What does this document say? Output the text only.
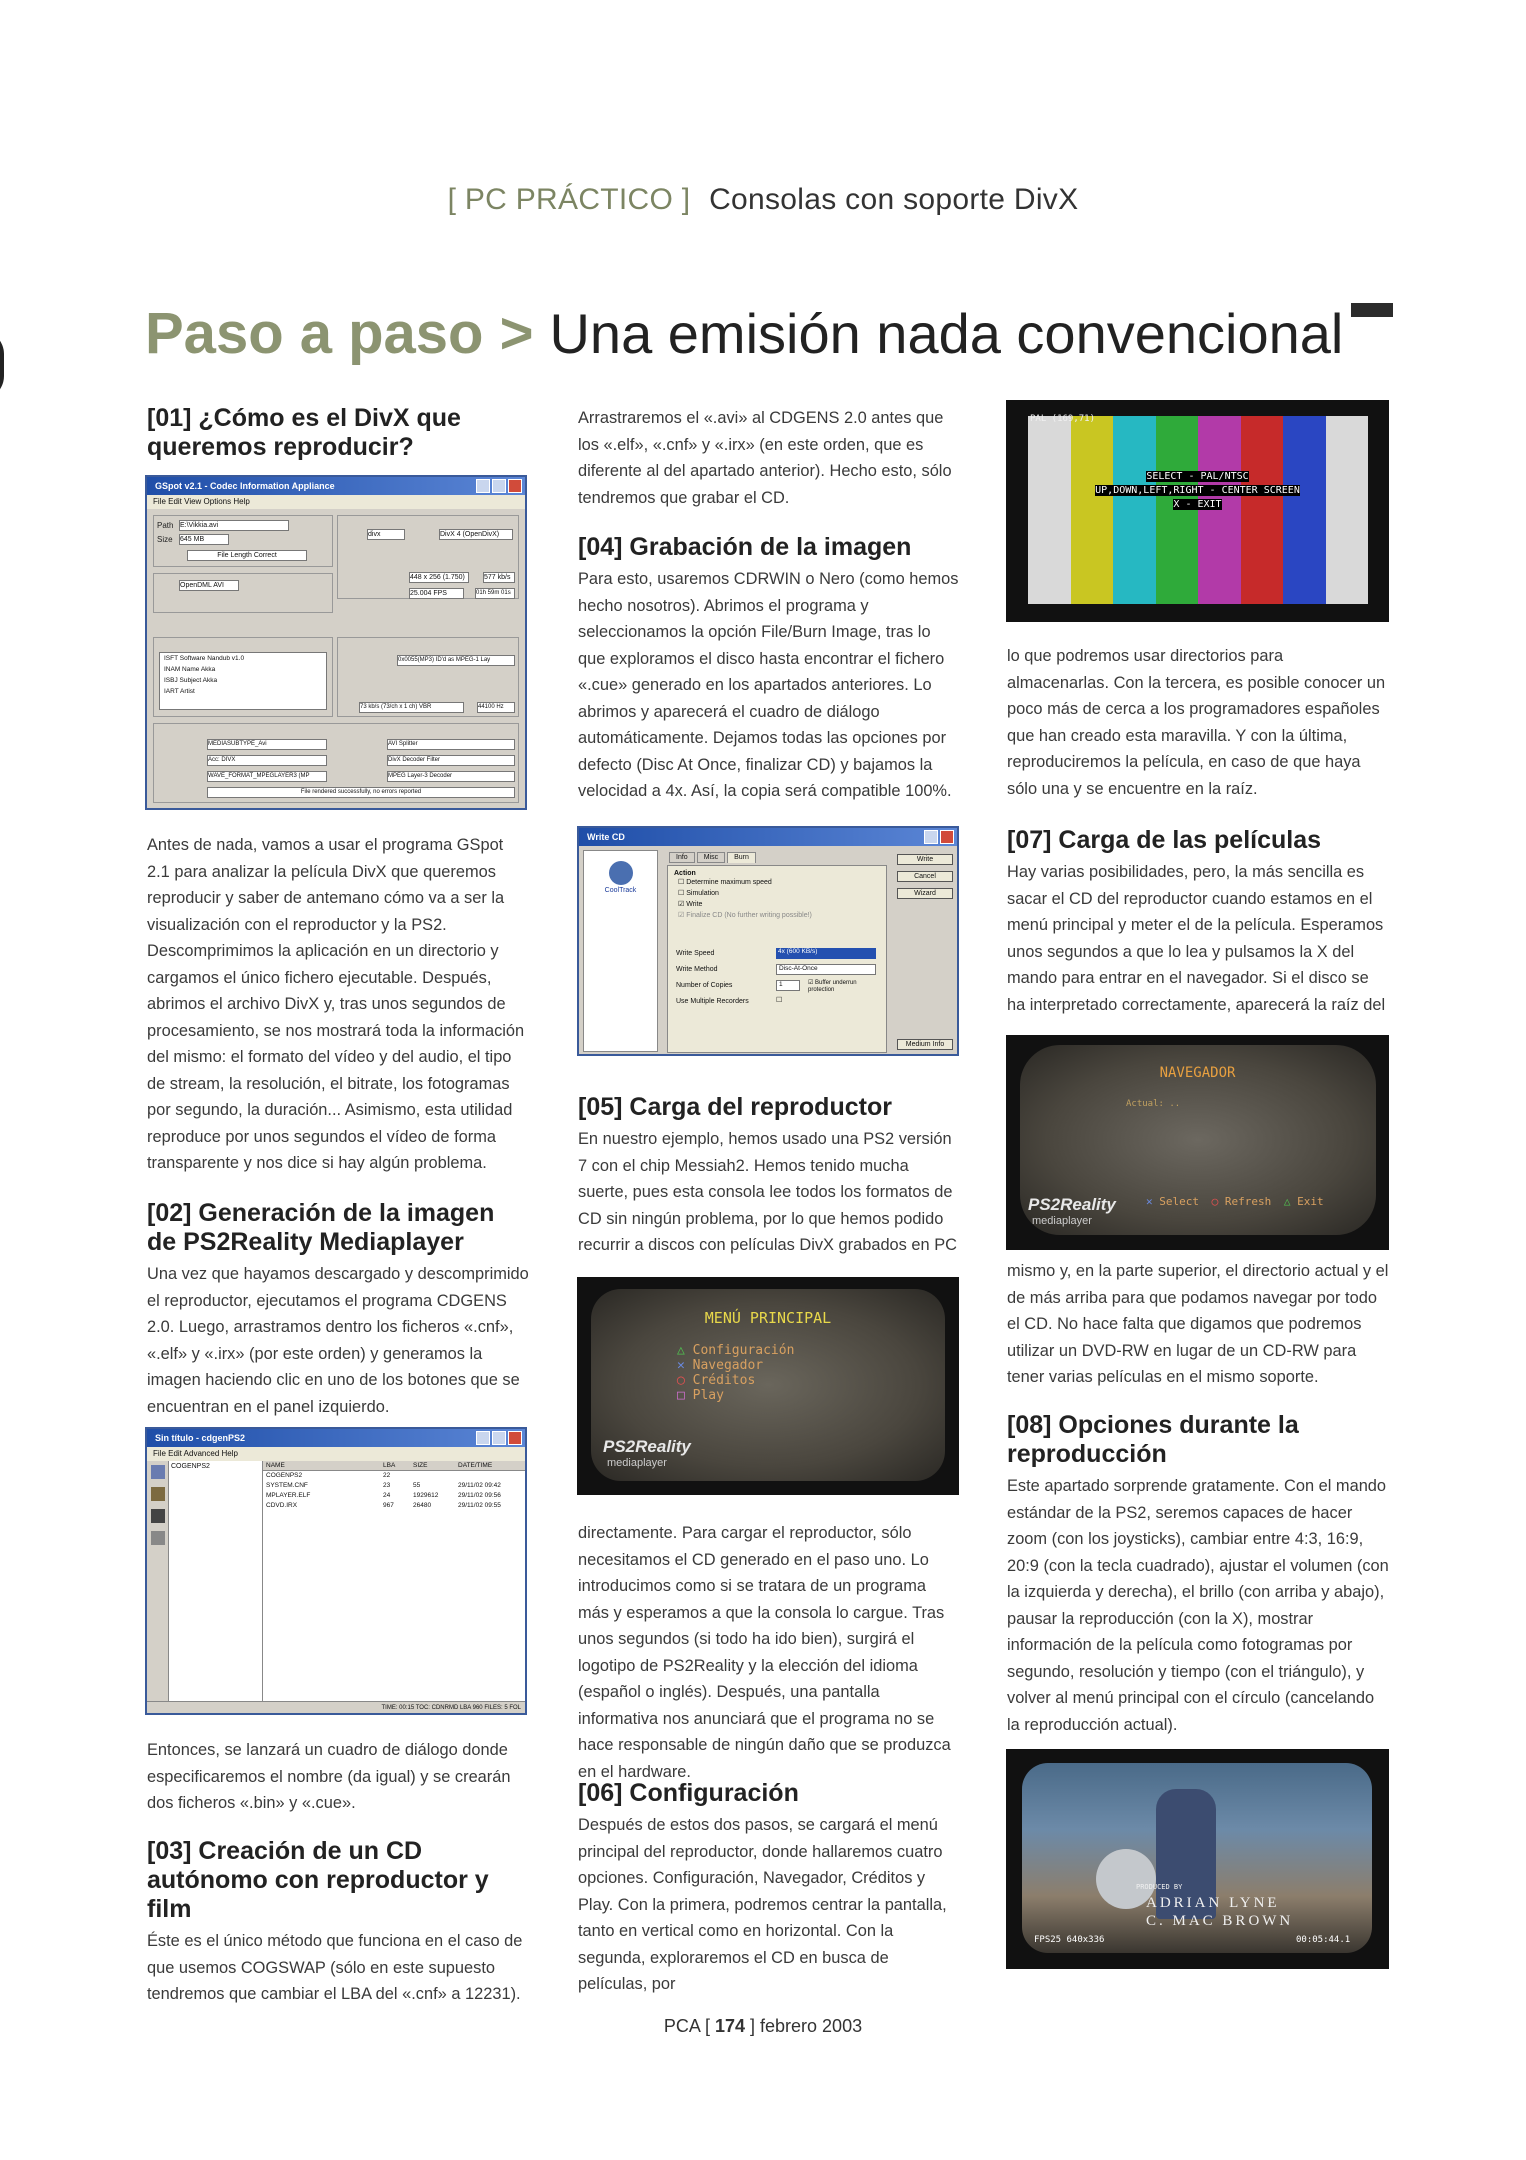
[ PC PRÁCTICO ] Consolas con soporte DivX
Paso a paso > Una emisión nada convencional
[01] ¿Cómo es el DivX que queremos reproducir?
GSpot v2.1 - Codec Information Appliance
File Edit View Options Help
Path E:\Vikkia.avi
Size 645 MB
File Length Correct
OpenDML AVI
divx	DivX 4 (OpenDivX)
448 x 256 (1.750)	577 kb/s
25.004 FPS	01h 59m 01s
ISFT Software Nandub v1.0
INAM Name Akka
ISBJ Subject Akka
IART Artist
0x0055(MP3) ID'd as MPEG-1 Lay
73 kb/s (73/ch x 1 ch) VBR	44100 Hz
MEDIASUBTYPE_Avi	AVI Splitter
Acc: DIVX	DivX Decoder Filter
WAVE_FORMAT_MPEGLAYER3 (MP	MPEG Layer-3 Decoder
File rendered successfully, no errors reported

Antes de nada, vamos a usar el programa GSpot 2.1 para analizar la película DivX que queremos reproducir y saber de antemano cómo va a ser la visualización con el reproductor y la PS2. Descomprimimos la aplicación en un directorio y cargamos el único fichero ejecutable. Después, abrimos el archivo DivX y, tras unos segundos de procesamiento, se nos mostrará toda la información del mismo: el formato del vídeo y del audio, el tipo de stream, la resolución, el bitrate, los fotogramas por segundo, la duración... Asimismo, esta utilidad reproduce por unos segundos el vídeo de forma transparente y nos dice si hay algún problema.

[02] Generación de la imagen de PS2Reality Mediaplayer

Una vez que hayamos descargado y descomprimido el reproductor, ejecutamos el programa CDGENS 2.0. Luego, arrastramos dentro los ficheros «.cnf», «.elf» y «.irx» (por este orden) y generamos la imagen haciendo clic en uno de los botones que se encuentran en el panel izquierdo.

Sin título - cdgenPS2
File Edit Advanced Help
COGENPS2	NAME	LBA	SIZE	DATE/TIME
COGENPS2	22
SYSTEM.CNF	23	55	29/11/02 09:42
MPLAYER.ELF	24	1929612	29/11/02 09:56
CDVD.IRX	967	26480	29/11/02 09:55
TIME: 00:15 TOC: CDNRMD LBA 960 FILES: 5 FOL

Entonces, se lanzará un cuadro de diálogo donde especificaremos el nombre (da igual) y se crearán dos ficheros «.bin» y «.cue».

[03] Creación de un CD autónomo con reproductor y film

Éste es el único método que funciona en el caso de que usemos COGSWAP (sólo en este supuesto tendremos que cambiar el LBA del «.cnf» a 12231).

Arrastraremos el «.avi» al CDGENS 2.0 antes que los «.elf», «.cnf» y «.irx» (en este orden, que es diferente al del apartado anterior). Hecho esto, sólo tendremos que grabar el CD.

[04] Grabación de la imagen

Para esto, usaremos CDRWIN o Nero (como hemos hecho nosotros). Abrimos el programa y seleccionamos la opción File/Burn Image, tras lo que exploramos el disco hasta encontrar el fichero «.cue» generado en los apartados anteriores. Lo abrimos y aparecerá el cuadro de diálogo automáticamente. Dejamos todas las opciones por defecto (Disc At Once, finalizar CD) y bajamos la velocidad a 4x. Así, la copia será compatible 100%.

Write CD
CoolTrack
Info	Misc	Burn
Action
☐ Determine maximum speed
☐ Simulation
☑ Write
☑ Finalize CD (No further writing possible!)
Write Speed	4x (600 KB/s)
Write Method	Disc-At-Once
Number of Copies	1	☑ Buffer underrun protection
Use Multiple Recorders	☐
Write
Cancel
Wizard
Medium Info
[05] Carga del reproductor

En nuestro ejemplo, hemos usado una PS2 versión 7 con el chip Messiah2. Hemos tenido mucha suerte, pues esta consola lee todos los formatos de CD sin ningún problema, por lo que hemos podido recurrir a discos con películas DivX grabados en PC

MENÚ PRINCIPAL
△ Configuración
✕ Navegador
◯ Créditos
□ Play
PS2Reality
mediaplayer

directamente. Para cargar el reproductor, sólo necesitamos el CD generado en el paso uno. Lo introducimos como si se tratara de un programa más y esperamos a que la consola lo cargue. Tras unos segundos (si todo ha ido bien), surgirá el logotipo de PS2Reality y la elección del idioma (español o inglés). Después, una pantalla informativa nos anunciará que el programa no se hace responsable de ningún daño que se produzca en el hardware.

[06] Configuración

Después de estos dos pasos, se cargará el menú principal del reproductor, donde hallaremos cuatro opciones. Configuración, Navegador, Créditos y Play. Con la primera, podremos centrar la pantalla, tanto en vertical como en horizontal. Con la segunda, exploraremos el CD en busca de películas, por

PAL (169,71)
SELECT - PAL/NTSC
UP,DOWN,LEFT,RIGHT - CENTER SCREEN
X - EXIT

lo que podremos usar directorios para almacenarlas. Con la tercera, es posible conocer un poco más de cerca a los programadores españoles que han creado esta maravilla. Y con la última, reproduciremos la película, en caso de que haya sólo una y se encuentre en la raíz.

[07] Carga de las películas

Hay varias posibilidades, pero, la más sencilla es sacar el CD del reproductor cuando estamos en el menú principal y meter el de la película. Esperamos unos segundos a que lo lea y pulsamos la X del mando para entrar en el navegador. Si el disco se ha interpretado correctamente, aparecerá la raíz del

NAVEGADOR
Actual: ..
PS2Reality
mediaplayer
✕ Select ◯ Refresh △ Exit

mismo y, en la parte superior, el directorio actual y el de más arriba para que podamos navegar por todo el CD. No hace falta que digamos que podremos utilizar un DVD-RW en lugar de un CD-RW para tener varias películas en el mismo soporte.

[08] Opciones durante la reproducción

Este apartado sorprende gratamente. Con el mando estándar de la PS2, seremos capaces de hacer zoom (con los joysticks), cambiar entre 4:3, 16:9, 20:9 (con la tecla cuadrado), ajustar el volumen (con la izquierda y derecha), el brillo (con arriba y abajo), pausar la reproducción (con la X), mostrar información de la película como fotogramas por segundo, resolución y tiempo (con el triángulo), y volver al menú principal con el círculo (cancelando la reproducción actual).

PRODUCED BY
ADRIAN LYNE
C. MAC BROWN
FPS25 640x336	00:05:44.1
PCA [ 174 ] febrero 2003
